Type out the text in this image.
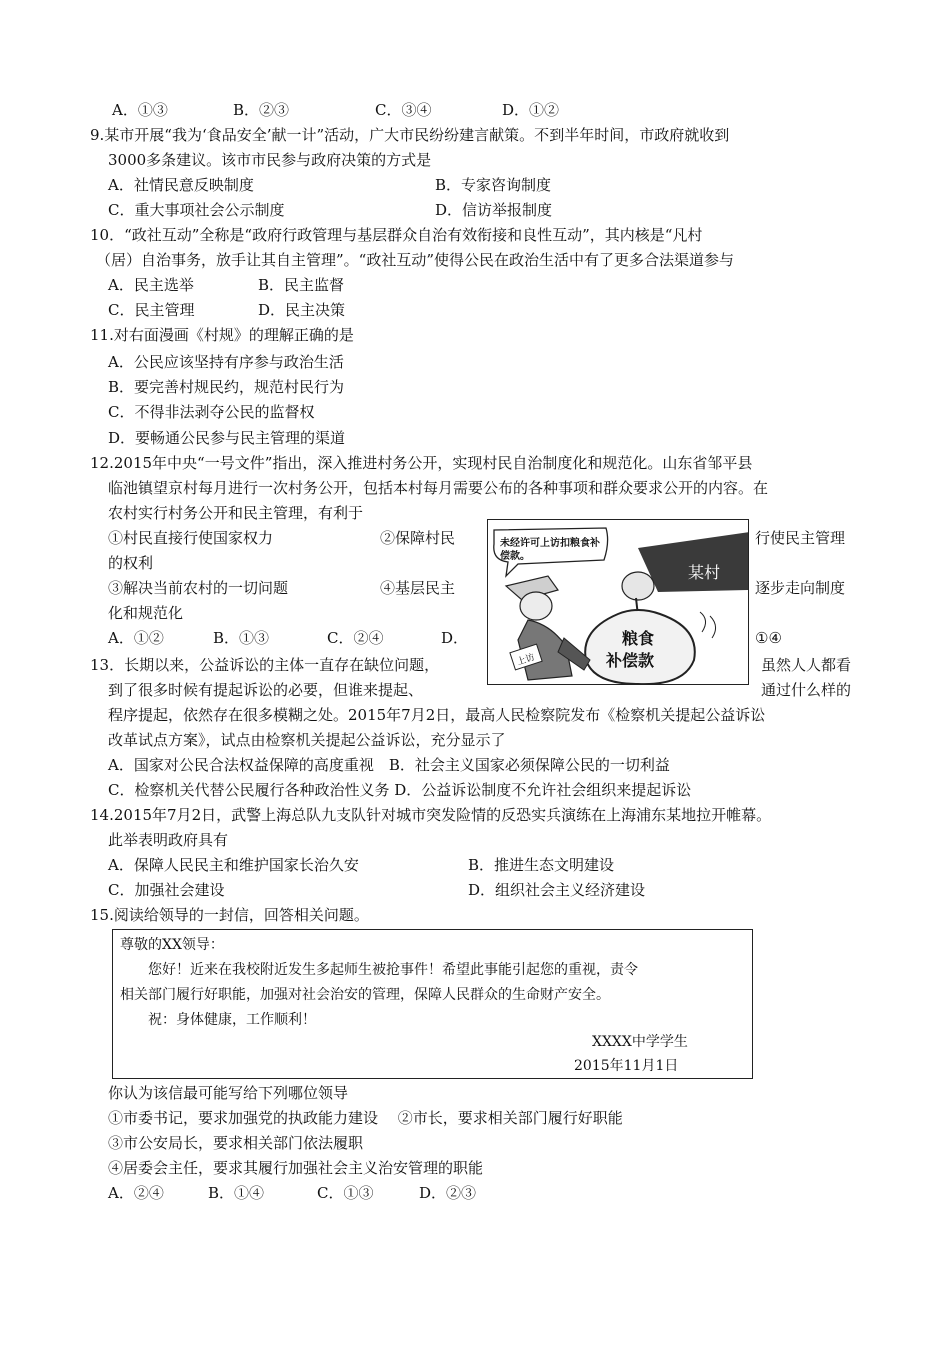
A．①③	B．②③	C．③④	D．①②
9.某市开展“我为‘食品安全’献一计”活动，广大市民纷纷建言献策。不到半年时间，市政府就收到
3000多条建议。该市市民参与政府决策的方式是
A．社情民意反映制度	B．专家咨询制度
C．重大事项社会公示制度	D．信访举报制度
10．“政社互动”全称是“政府行政管理与基层群众自治有效衔接和良性互动”，其内核是“凡村
（居）自治事务，放手让其自主管理”。“政社互动”使得公民在政治生活中有了更多合法渠道参与
A．民主选举	B．民主监督
C．民主管理	D．民主决策
11.对右面漫画《村规》的理解正确的是
A．公民应该坚持有序参与政治生活
B．要完善村规民约，规范村民行为
C．不得非法剥夺公民的监督权
D．要畅通公民参与民主管理的渠道
12.2015年中央“一号文件”指出，深入推进村务公开，实现村民自治制度化和规范化。山东省邹平县
临池镇望京村每月进行一次村务公开，包括本村每月需要公布的各种事项和群众要求公开的内容。在
农村实行村务公开和民主管理，有利于
①村民直接行使国家权力	②保障村民	行使民主管理
的权利
③解决当前农村的一切问题	④基层民主	逐步走向制度
化和规范化
A．①②	B．①③	C．②④	D．	①④
未经许可上访扣粮食补
偿款。
某村
粮食
补偿款
上访
13．长期以来，公益诉讼的主体一直存在缺位问题，	虽然人人都看
到了很多时候有提起诉讼的必要，但谁来提起、	通过什么样的
程序提起，依然存在很多模糊之处。2015年7月2日，最高人民检察院发布《检察机关提起公益诉讼
改革试点方案》，试点由检察机关提起公益诉讼，充分显示了
A．国家对公民合法权益保障的高度重视　B．社会主义国家必须保障公民的一切利益
C．检察机关代替公民履行各种政治性义务 D．公益诉讼制度不允许社会组织来提起诉讼
14.2015年7月2日，武警上海总队九支队针对城市突发险情的反恐实兵演练在上海浦东某地拉开帷幕。
此举表明政府具有
A．保障人民民主和维护国家长治久安	B．推进生态文明建设
C．加强社会建设	D．组织社会主义经济建设
15.阅读给领导的一封信，回答相关问题。
尊敬的XX领导：
您好！近来在我校附近发生多起师生被抢事件！希望此事能引起您的重视，责令
相关部门履行好职能，加强对社会治安的管理，保障人民群众的生命财产安全。
祝：身体健康，工作顺利！
XXXX中学学生
2015年11月1日
你认为该信最可能写给下列哪位领导
①市委书记，要求加强党的执政能力建设　 ②市长，要求相关部门履行好职能
③市公安局长，要求相关部门依法履职
④居委会主任，要求其履行加强社会主义治安管理的职能
A．②④	B．①④	C．①③	D．②③
